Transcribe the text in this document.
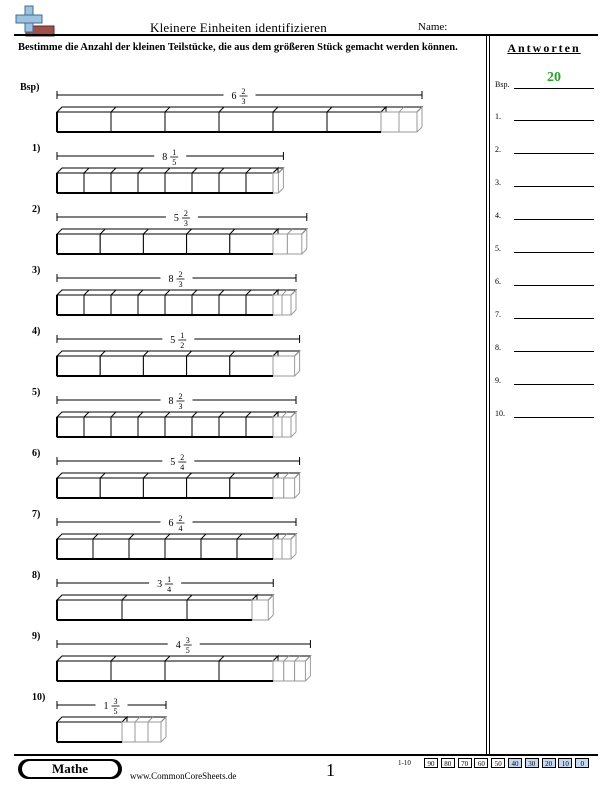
Kleinere Einheiten identifizieren	Name:
Bestimme die Anzahl der kleinen Teilstücke, die aus dem größeren Stück gemacht werden können.	Antworten
Bsp.	20
1.
2.
3.
4.
5.
6.
7.
8.
9.
10.
Bsp)
6 2
3
1)
8 1
5
2)
5 2
3
3)
8 2
3
4)
5 1
2
5)
8 2
3
6)
5 2
4
7)
6 2
4
8)
3 1
4
9)
4 3
5
10)
1 3
5
Mathe	www.CommonCoreSheets.de	1	1-10	90	80	70	60	50	40	30	20	10	0
